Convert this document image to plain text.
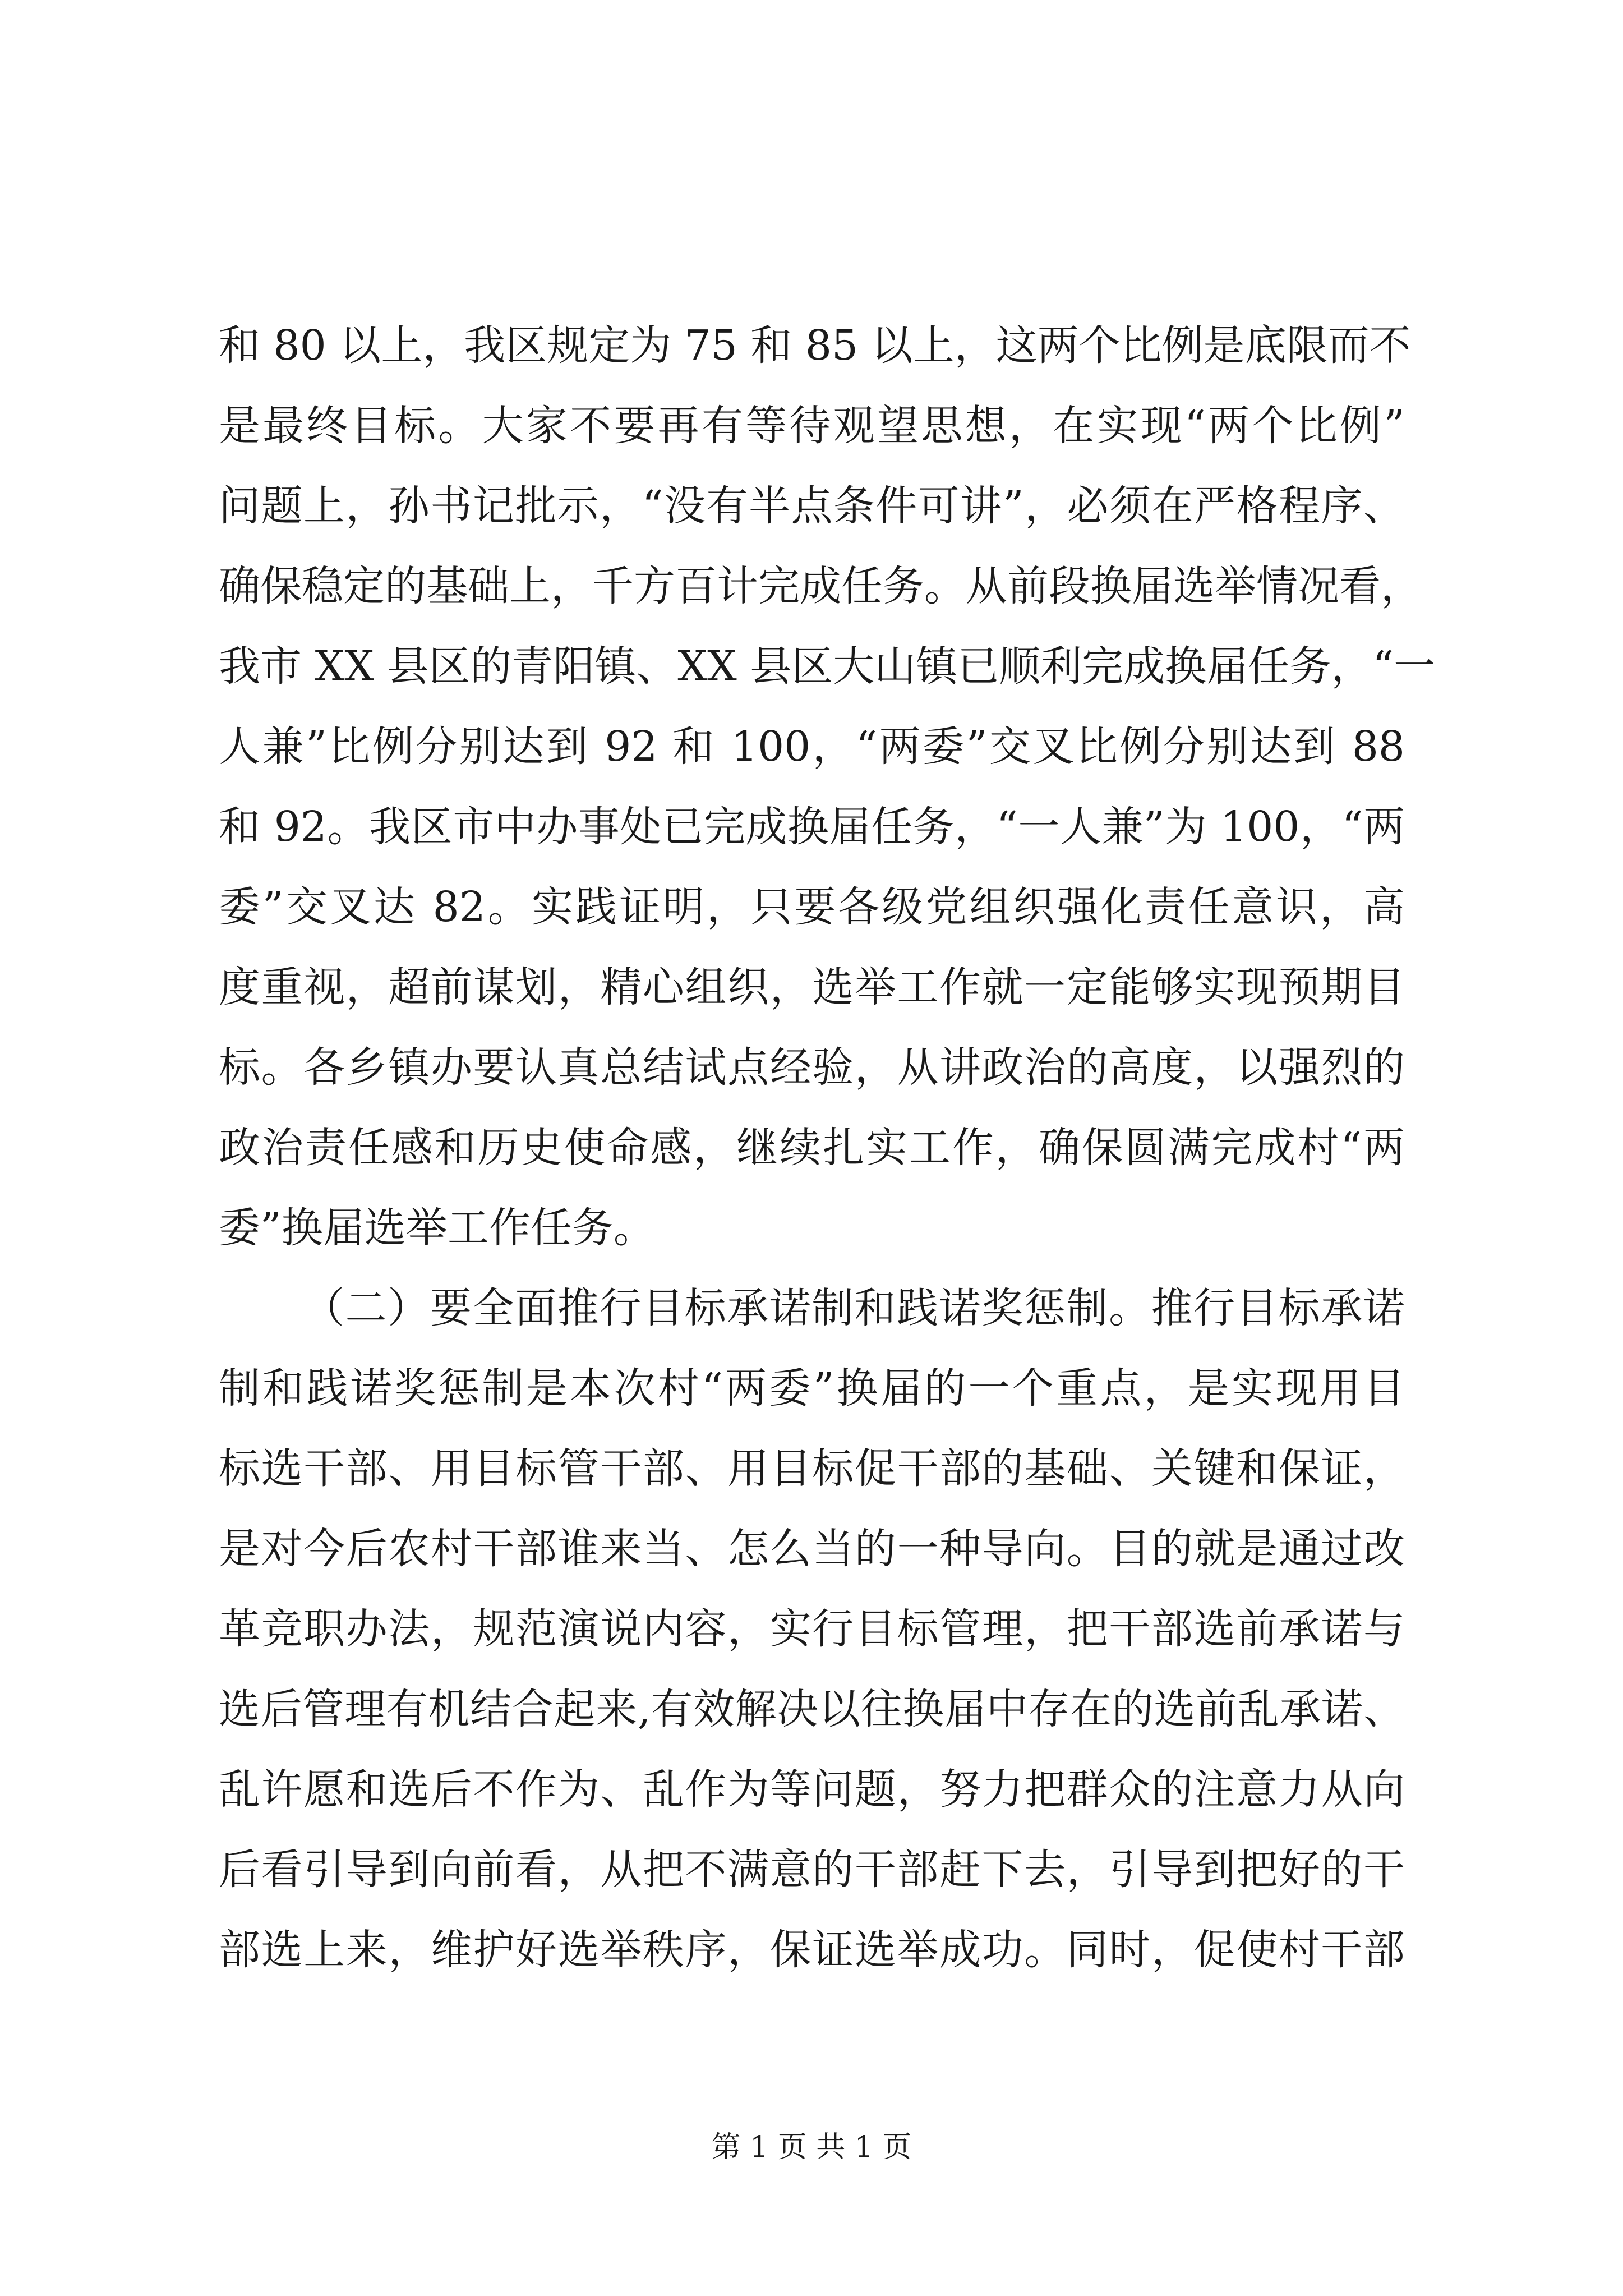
和 80 以上，我区规定为 75 和 85 以上，这两个比例是底限而不
是最终目标。大家不要再有等待观望思想，在实现“两个比例”
问题上，孙书记批示，“没有半点条件可讲”，必须在严格程序、
确保稳定的基础上，千方百计完成任务。从前段换届选举情况看，
我市 XX 县区的青阳镇、XX 县区大山镇已顺利完成换届任务，“一
人兼”比例分别达到 92 和 100，“两委”交叉比例分别达到 88
和 92。我区市中办事处已完成换届任务，“一人兼”为 100，“两
委”交叉达 82。实践证明，只要各级党组织强化责任意识，高
度重视，超前谋划，精心组织，选举工作就一定能够实现预期目
标。各乡镇办要认真总结试点经验，从讲政治的高度，以强烈的
政治责任感和历史使命感，继续扎实工作，确保圆满完成村“两
委”换届选举工作任务。
（二）要全面推行目标承诺制和践诺奖惩制。推行目标承诺
制和践诺奖惩制是本次村“两委”换届的一个重点，是实现用目
标选干部、用目标管干部、用目标促干部的基础、关键和保证，
是对今后农村干部谁来当、怎么当的一种导向。目的就是通过改
革竞职办法，规范演说内容，实行目标管理，把干部选前承诺与
选后管理有机结合起来,有效解决以往换届中存在的选前乱承诺、
乱许愿和选后不作为、乱作为等问题，努力把群众的注意力从向
后看引导到向前看，从把不满意的干部赶下去，引导到把好的干
部选上来，维护好选举秩序，保证选举成功。同时，促使村干部
第 1 页 共 1 页
